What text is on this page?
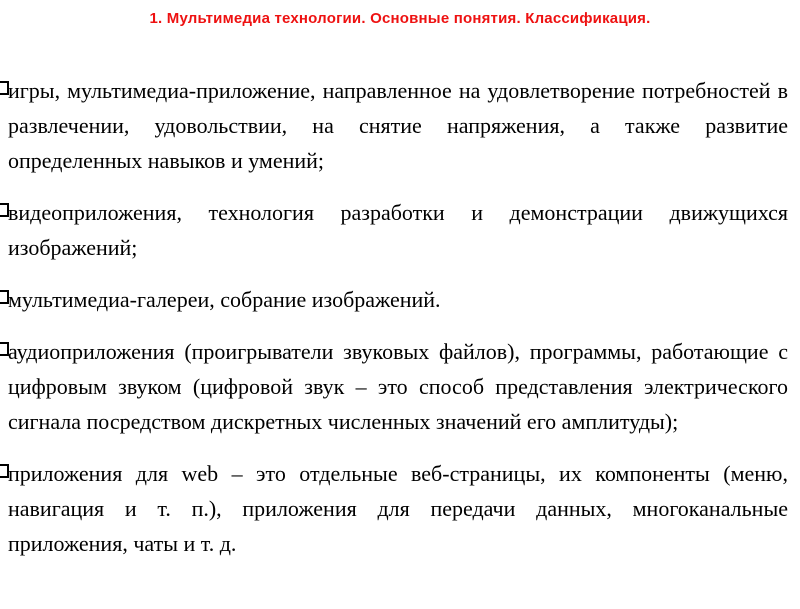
1. Мультимедиа технологии. Основные понятия. Классификация.
игры, мультимедиа-приложение, направленное на удовлетворение потребностей в развлечении, удовольствии, на снятие напряжения, а также развитие определенных навыков и умений;
видеоприложения, технология разработки и демонстрации движущихся изображений;
мультимедиа-галереи, собрание изображений.
аудиоприложения (проигрыватели звуковых файлов), программы, работающие с цифровым звуком (цифровой звук – это способ представления электрического сигнала посредством дискретных численных значений его амплитуды);
приложения для web – это отдельные веб-страницы, их компоненты (меню, навигация и т. п.), приложения для передачи данных, многоканальные приложения, чаты и т. д.
